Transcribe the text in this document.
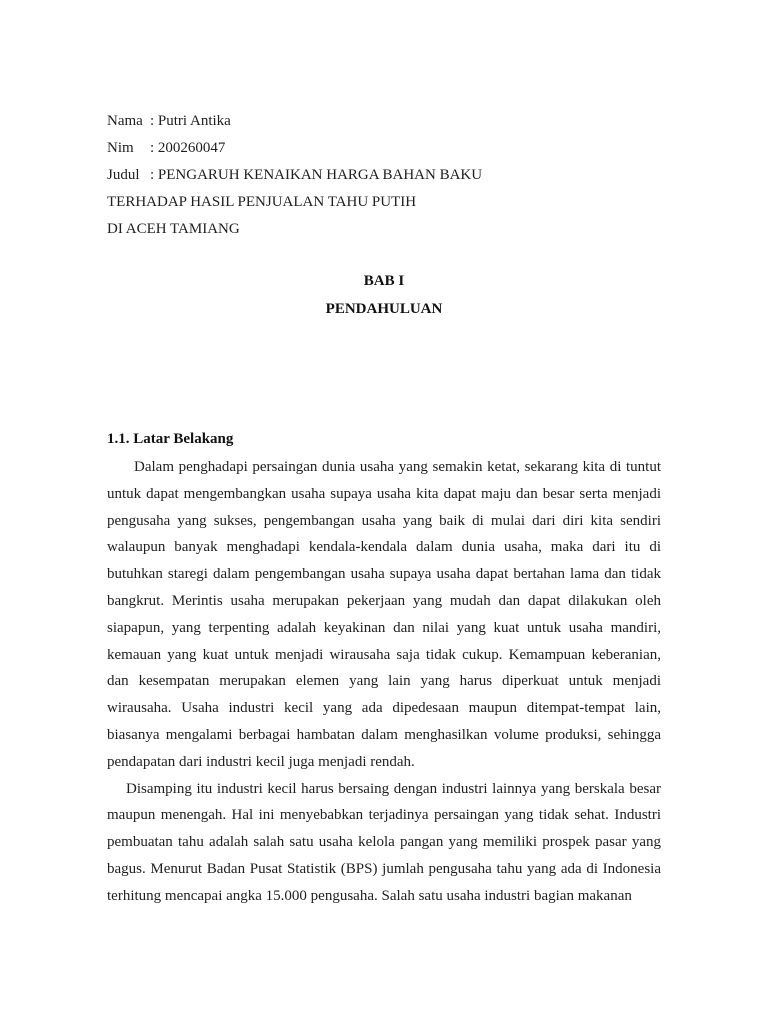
Nama : Putri Antika
Nim : 200260047
Judul : PENGARUH KENAIKAN HARGA BAHAN BAKU
TERHADAP HASIL PENJUALAN TAHU PUTIH
DI ACEH TAMIANG
BAB I
PENDAHULUAN
1.1. Latar Belakang

Dalam penghadapi persaingan dunia usaha yang semakin ketat, sekarang kita di tuntut untuk dapat mengembangkan usaha supaya usaha kita dapat maju dan besar serta menjadi pengusaha yang sukses, pengembangan usaha yang baik di mulai dari diri kita sendiri walaupun banyak menghadapi kendala-kendala dalam dunia usaha, maka dari itu di butuhkan staregi dalam pengembangan usaha supaya usaha dapat bertahan lama dan tidak bangkrut. Merintis usaha merupakan pekerjaan yang mudah dan dapat dilakukan oleh siapapun, yang terpenting adalah keyakinan dan nilai yang kuat untuk usaha mandiri, kemauan yang kuat untuk menjadi wirausaha saja tidak cukup. Kemampuan keberanian, dan kesempatan merupakan elemen yang lain yang harus diperkuat untuk menjadi wirausaha. Usaha industri kecil yang ada dipedesaan maupun ditempat-tempat lain, biasanya mengalami berbagai hambatan dalam menghasilkan volume produksi, sehingga pendapatan dari industri kecil juga menjadi rendah.

Disamping itu industri kecil harus bersaing dengan industri lainnya yang berskala besar maupun menengah. Hal ini menyebabkan terjadinya persaingan yang tidak sehat. Industri pembuatan tahu adalah salah satu usaha kelola pangan yang memiliki prospek pasar yang bagus. Menurut Badan Pusat Statistik (BPS) jumlah pengusaha tahu yang ada di Indonesia terhitung mencapai angka 15.000 pengusaha. Salah satu usaha industri bagian makanan
